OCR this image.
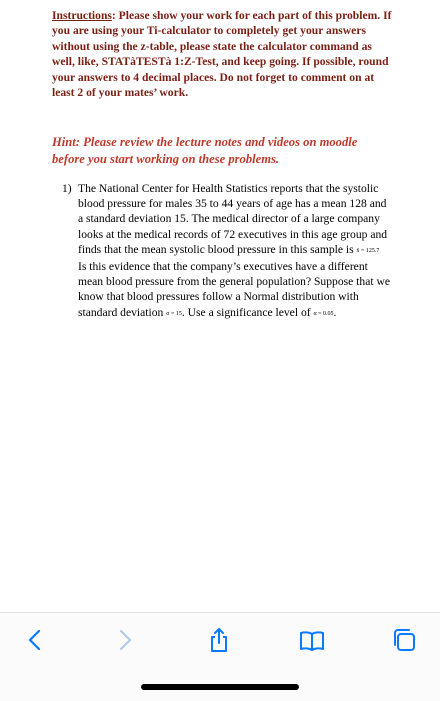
Instructions: Please show your work for each part of this problem. If you are using your Ti-calculator to completely get your answers without using the z-table, please state the calculator command as well, like, STATàTESTà 1:Z-Test, and keep going. If possible, round your answers to 4 decimal places. Do not forget to comment on at least 2 of your mates’ work.
Hint: Please review the lecture notes and videos on moodle before you start working on these problems.
1) The National Center for Health Statistics reports that the systolic blood pressure for males 35 to 44 years of age has a mean 128 and a standard deviation 15. The medical director of a large company looks at the medical records of 72 executives in this age group and finds that the mean systolic blood pressure in this sample is x̄ = 125.7 Is this evidence that the company’s executives have a different mean blood pressure from the general population? Suppose that we know that blood pressures follow a Normal distribution with standard deviation σ = 15. Use a significance level of α = 0.05.
